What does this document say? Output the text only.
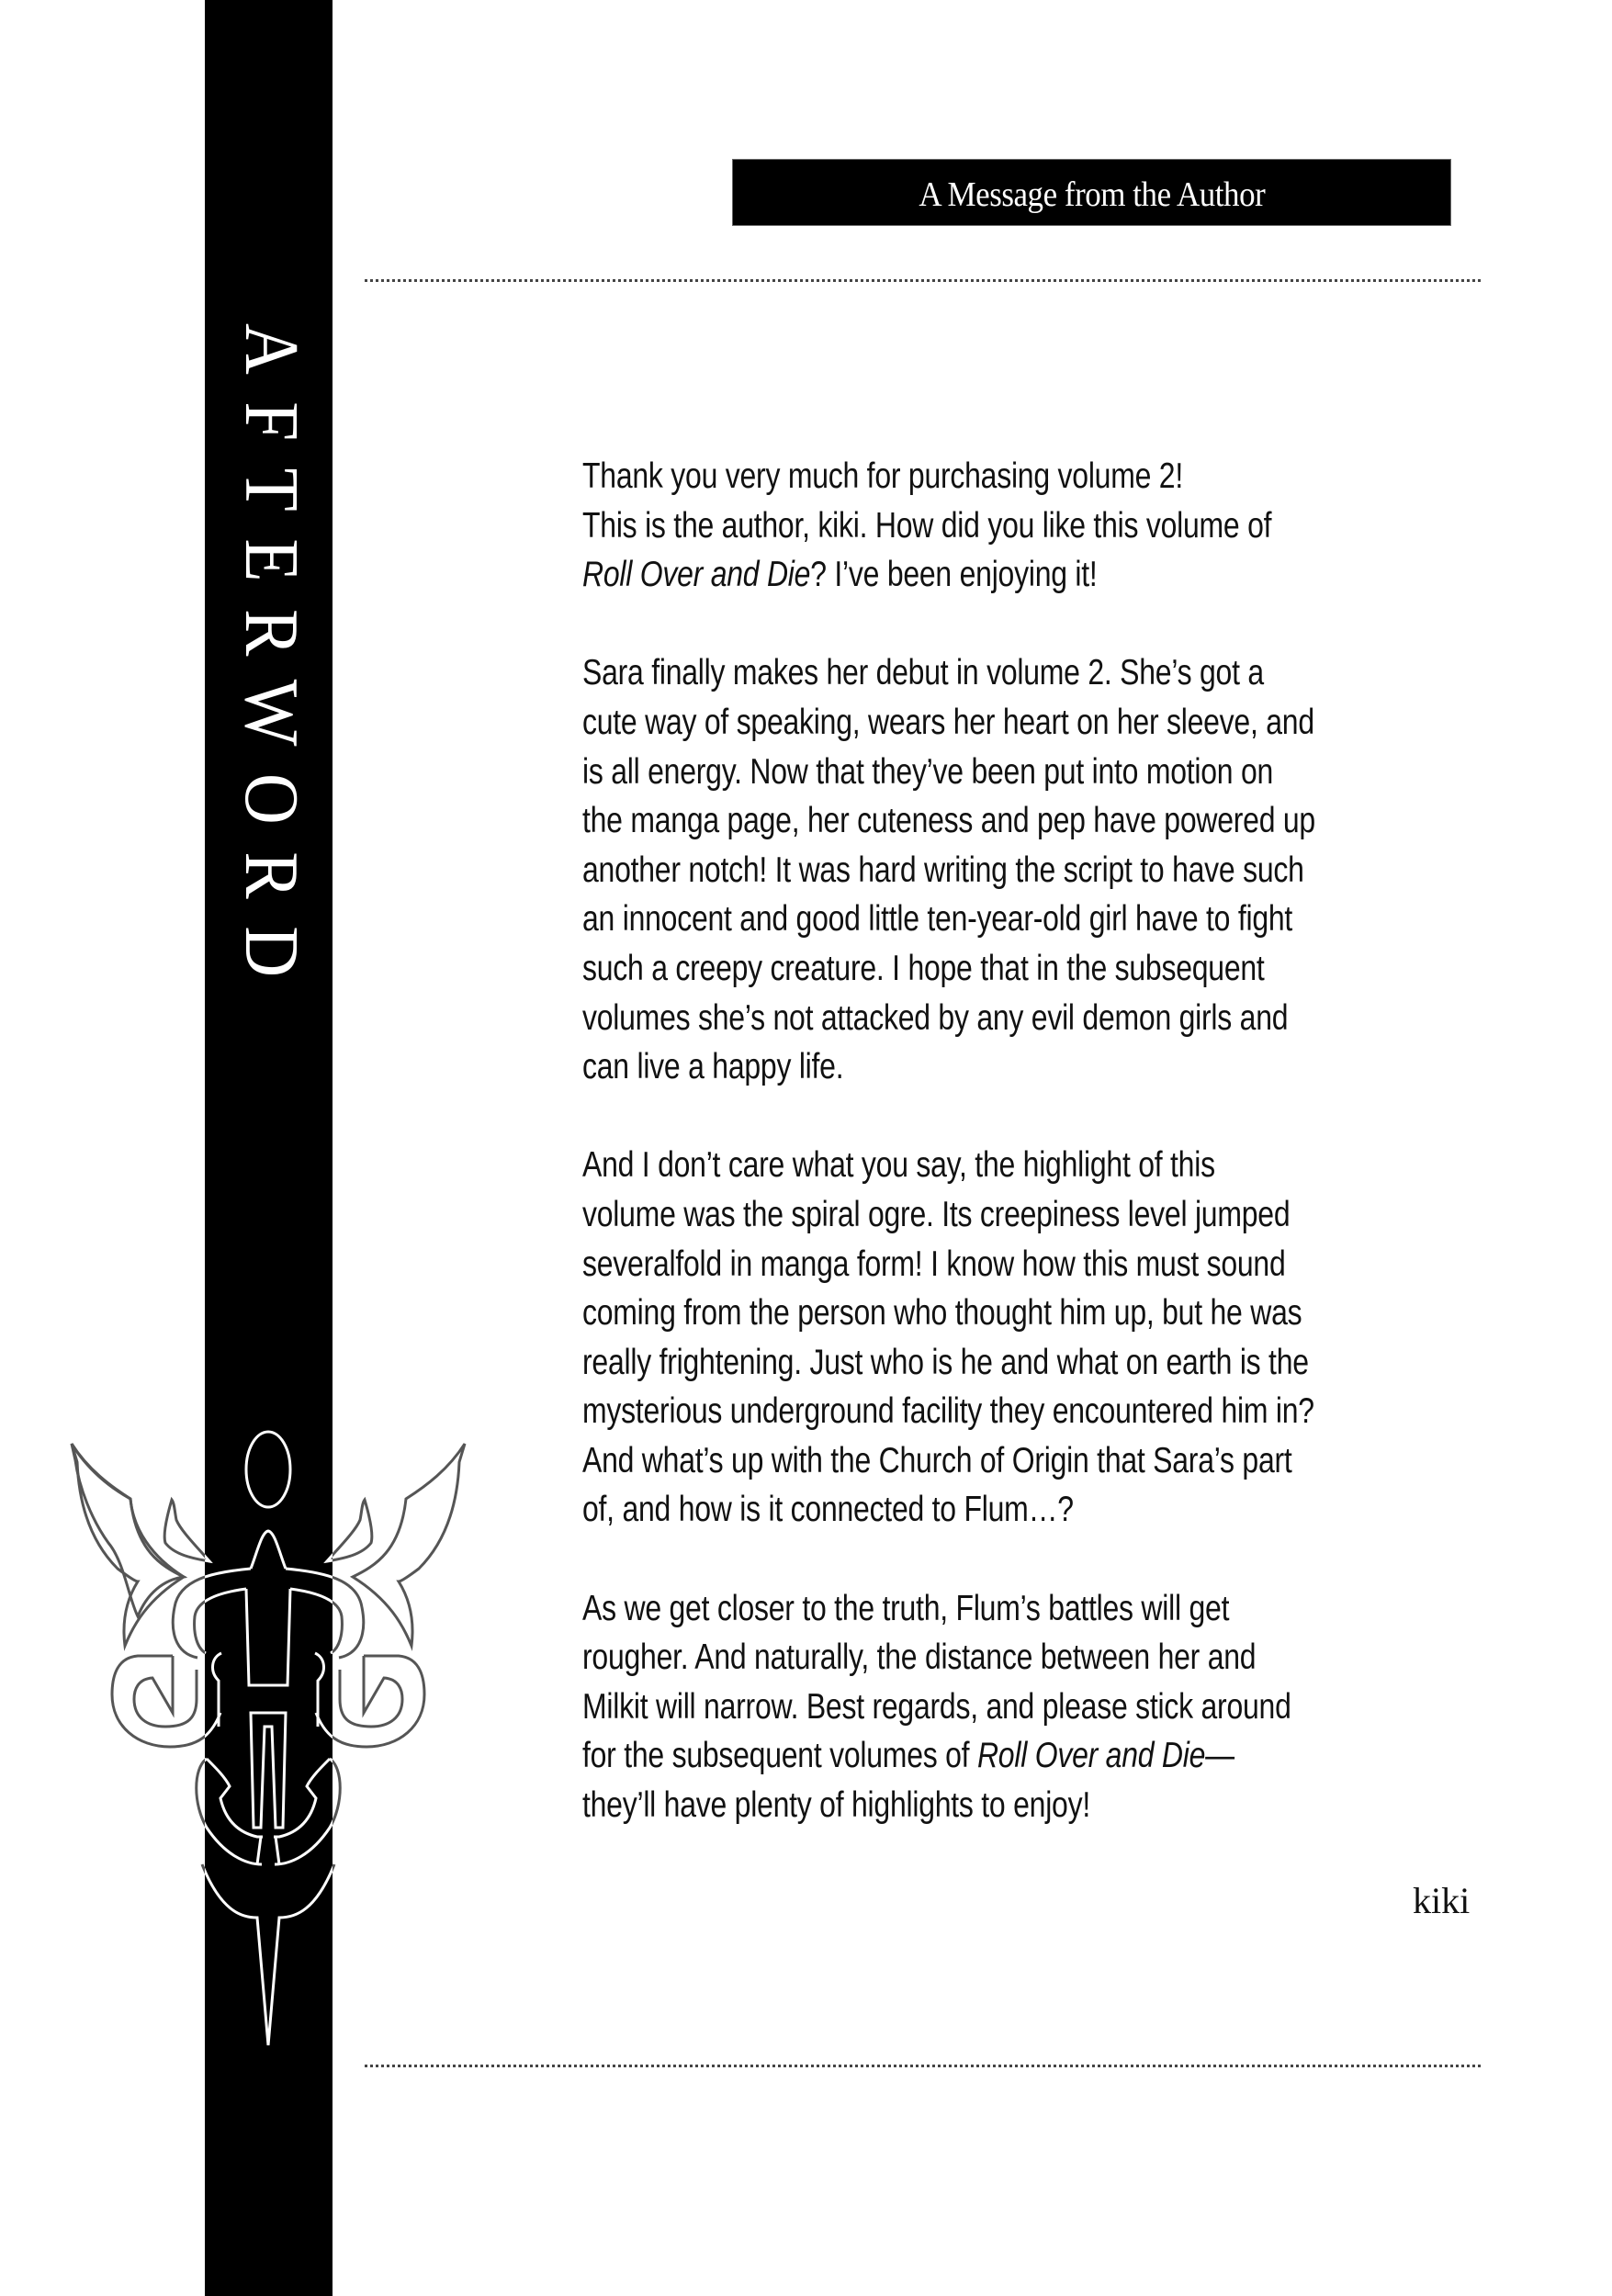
AFTERWORD
A Message from the Author
Thank you very much for purchasing volume 2!
This is the author, kiki. How did you like this volume of
Roll Over and Die? I’ve been enjoying it!
Sara finally makes her debut in volume 2. She’s got a
cute way of speaking, wears her heart on her sleeve, and
is all energy. Now that they’ve been put into motion on
the manga page, her cuteness and pep have powered up
another notch! It was hard writing the script to have such
an innocent and good little ten-year-old girl have to fight
such a creepy creature. I hope that in the subsequent
volumes she’s not attacked by any evil demon girls and
can live a happy life.
And I don’t care what you say, the highlight of this
volume was the spiral ogre. Its creepiness level jumped
severalfold in manga form! I know how this must sound
coming from the person who thought him up, but he was
really frightening. Just who is he and what on earth is the
mysterious underground facility they encountered him in?
And what’s up with the Church of Origin that Sara’s part
of, and how is it connected to Flum…?
As we get closer to the truth, Flum’s battles will get
rougher. And naturally, the distance between her and
Milkit will narrow. Best regards, and please stick around
for the subsequent volumes of Roll Over and Die—
they’ll have plenty of highlights to enjoy!
kiki
